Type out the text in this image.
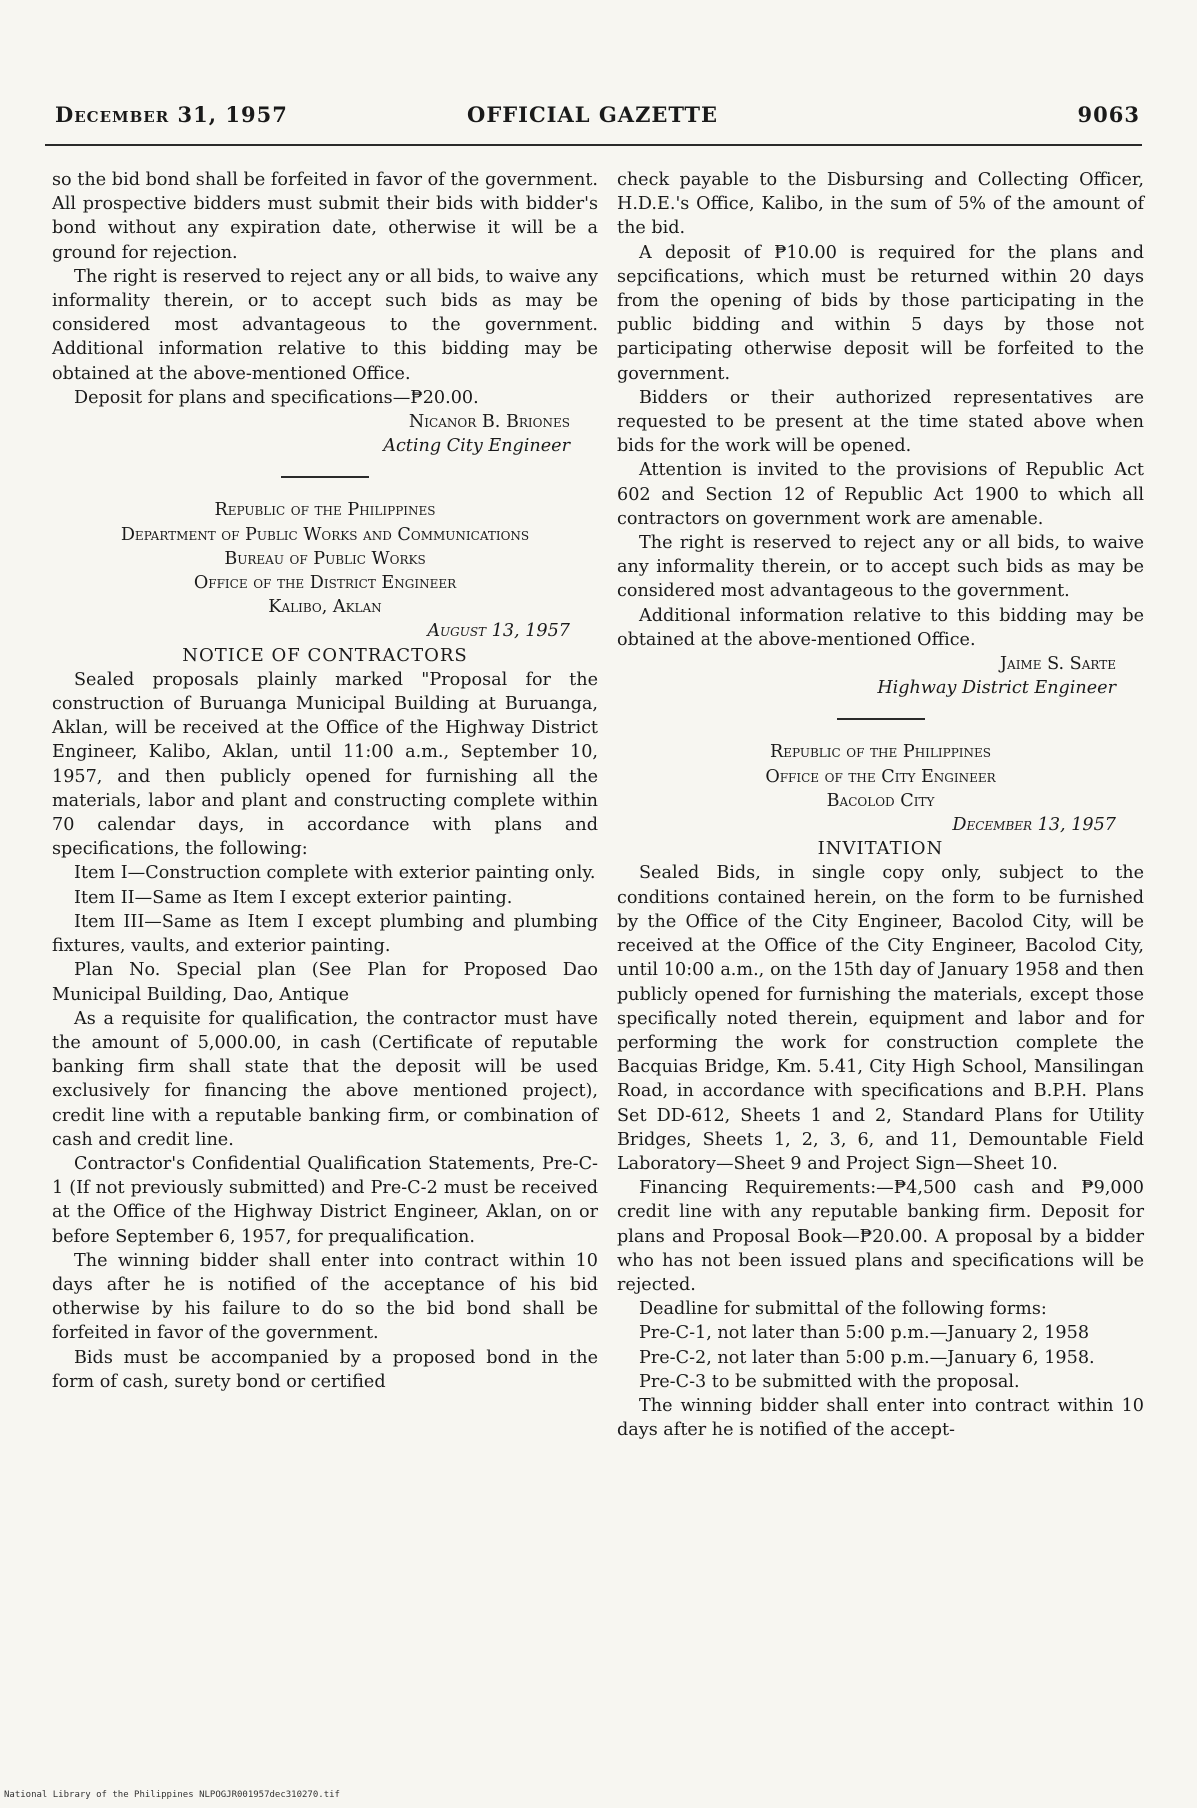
December 31, 1957	OFFICIAL GAZETTE	9063

so the bid bond shall be forfeited in favor of the government. All prospective bidders must submit their bids with bidder's bond without any expiration date, otherwise it will be a ground for rejection.

The right is reserved to reject any or all bids, to waive any informality therein, or to accept such bids as may be considered most advantageous to the government. Additional information relative to this bidding may be obtained at the above-mentioned Office.

Deposit for plans and specifications—₱20.00.

Nicanor B. Briones

Acting City Engineer

Republic of the Philippines

Department of Public Works and Communications

Bureau of Public Works

Office of the District Engineer

Kalibo, Aklan

August 13, 1957

NOTICE OF CONTRACTORS

Sealed proposals plainly marked "Proposal for the construction of Buruanga Municipal Building at Buruanga, Aklan, will be received at the Office of the Highway District Engineer, Kalibo, Aklan, until 11:00 a.m., September 10, 1957, and then publicly opened for furnishing all the materials, labor and plant and constructing complete within 70 calendar days, in accordance with plans and specifications, the following:

Item I—Construction complete with exterior painting only.

Item II—Same as Item I except exterior painting.

Item III—Same as Item I except plumbing and plumbing fixtures, vaults, and exterior painting.

Plan No. Special plan (See Plan for Proposed Dao Municipal Building, Dao, Antique

As a requisite for qualification, the contractor must have the amount of 5,000.00, in cash (Certificate of reputable banking firm shall state that the deposit will be used exclusively for financing the above mentioned project), credit line with a reputable banking firm, or combination of cash and credit line.

Contractor's Confidential Qualification Statements, Pre-C-1 (If not previously submitted) and Pre-C-2 must be received at the Office of the Highway District Engineer, Aklan, on or before September 6, 1957, for prequalification.

The winning bidder shall enter into contract within 10 days after he is notified of the acceptance of his bid otherwise by his failure to do so the bid bond shall be forfeited in favor of the government.

Bids must be accompanied by a proposed bond in the form of cash, surety bond or certified

check payable to the Disbursing and Collecting Officer, H.D.E.'s Office, Kalibo, in the sum of 5% of the amount of the bid.

A deposit of ₱10.00 is required for the plans and sepcifications, which must be returned within 20 days from the opening of bids by those participating in the public bidding and within 5 days by those not participating otherwise deposit will be forfeited to the government.

Bidders or their authorized representatives are requested to be present at the time stated above when bids for the work will be opened.

Attention is invited to the provisions of Republic Act 602 and Section 12 of Republic Act 1900 to which all contractors on government work are amenable.

The right is reserved to reject any or all bids, to waive any informality therein, or to accept such bids as may be considered most advantageous to the government.

Additional information relative to this bidding may be obtained at the above-mentioned Office.

Jaime S. Sarte

Highway District Engineer

Republic of the Philippines

Office of the City Engineer

Bacolod City

December 13, 1957

INVITATION

Sealed Bids, in single copy only, subject to the conditions contained herein, on the form to be furnished by the Office of the City Engineer, Bacolod City, will be received at the Office of the City Engineer, Bacolod City, until 10:00 a.m., on the 15th day of January 1958 and then publicly opened for furnishing the materials, except those specifically noted therein, equipment and labor and for performing the work for construction complete the Bacquias Bridge, Km. 5.41, City High School, Mansilingan Road, in accordance with specifications and B.P.H. Plans Set DD-612, Sheets 1 and 2, Standard Plans for Utility Bridges, Sheets 1, 2, 3, 6, and 11, Demountable Field Laboratory—Sheet 9 and Project Sign—Sheet 10.

Financing Requirements:—₱4,500 cash and ₱9,000 credit line with any reputable banking firm. Deposit for plans and Proposal Book—₱20.00. A proposal by a bidder who has not been issued plans and specifications will be rejected.

Deadline for submittal of the following forms:

Pre-C-1, not later than 5:00 p.m.—January 2, 1958

Pre-C-2, not later than 5:00 p.m.—January 6, 1958.

Pre-C-3 to be submitted with the proposal.

The winning bidder shall enter into contract within 10 days after he is notified of the accept-

National Library of the Philippines NLPOGJR001957dec310270.tif
